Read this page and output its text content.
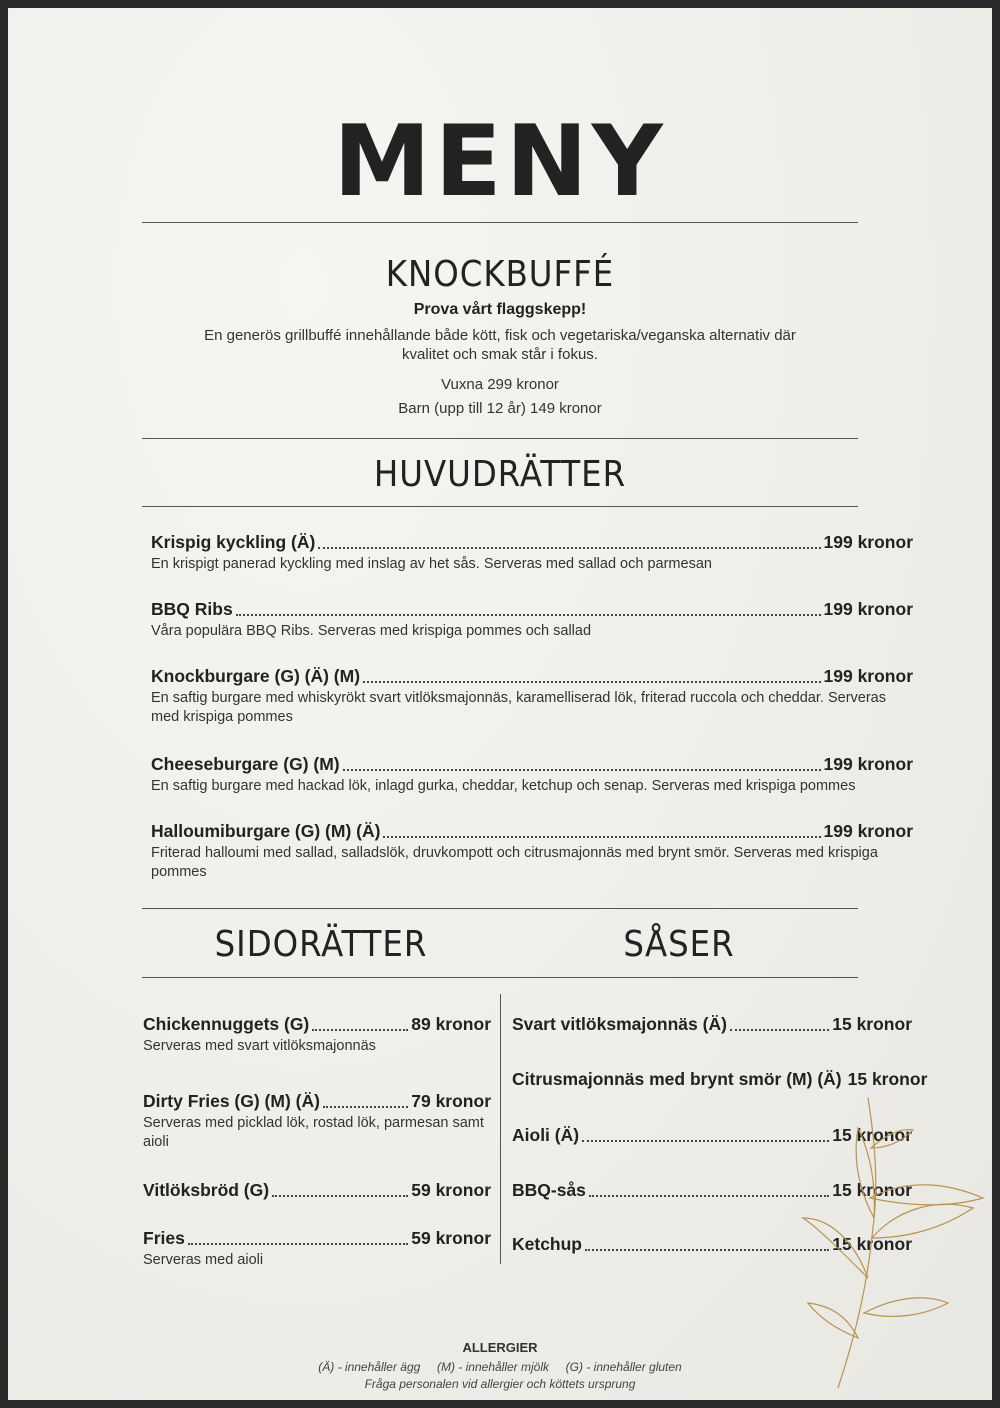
MENY
KNOCKBUFFÉ
Prova vårt flaggskepp!
En generös grillbuffé innehållande både kött, fisk och vegetariska/veganska alternativ där
kvalitet och smak står i fokus.
Vuxna 299 kronor
Barn (upp till 12 år) 149 kronor
HUVUDRÄTTER
Krispig kyckling (Ä)	199 kronor
En krispigt panerad kyckling med inslag av het sås. Serveras med sallad och parmesan
BBQ Ribs	199 kronor
Våra populära BBQ Ribs. Serveras med krispiga pommes och sallad
Knockburgare (G) (Ä) (M)	199 kronor
En saftig burgare med whiskyrökt svart vitlöksmajonnäs, karamelliserad lök, friterad ruccola och cheddar. Serveras med krispiga pommes
Cheeseburgare (G) (M)	199 kronor
En saftig burgare med hackad lök, inlagd gurka, cheddar, ketchup och senap. Serveras med krispiga pommes
Halloumiburgare (G) (M) (Ä)	199 kronor
Friterad halloumi med sallad, salladslök, druvkompott och citrusmajonnäs med brynt smör. Serveras med krispiga pommes
SIDORÄTTER	SÅSER
Chickennuggets (G)	89 kronor
Serveras med svart vitlöksmajonnäs
Dirty Fries (G) (M) (Ä)	79 kronor
Serveras med picklad lök, rostad lök, parmesan samt aioli
Vitlöksbröd (G)	59 kronor
Fries	59 kronor
Serveras med aioli
Svart vitlöksmajonnäs (Ä)	15 kronor
Citrusmajonnäs med brynt smör (M) (Ä) 15 kronor
Aioli (Ä)	15 kronor
BBQ-sås	15 kronor
Ketchup	15 kronor
ALLERGIER
(Ä) - innehåller ägg     (M) - innehåller mjölk     (G) - innehåller gluten
Fråga personalen vid allergier och köttets ursprung
